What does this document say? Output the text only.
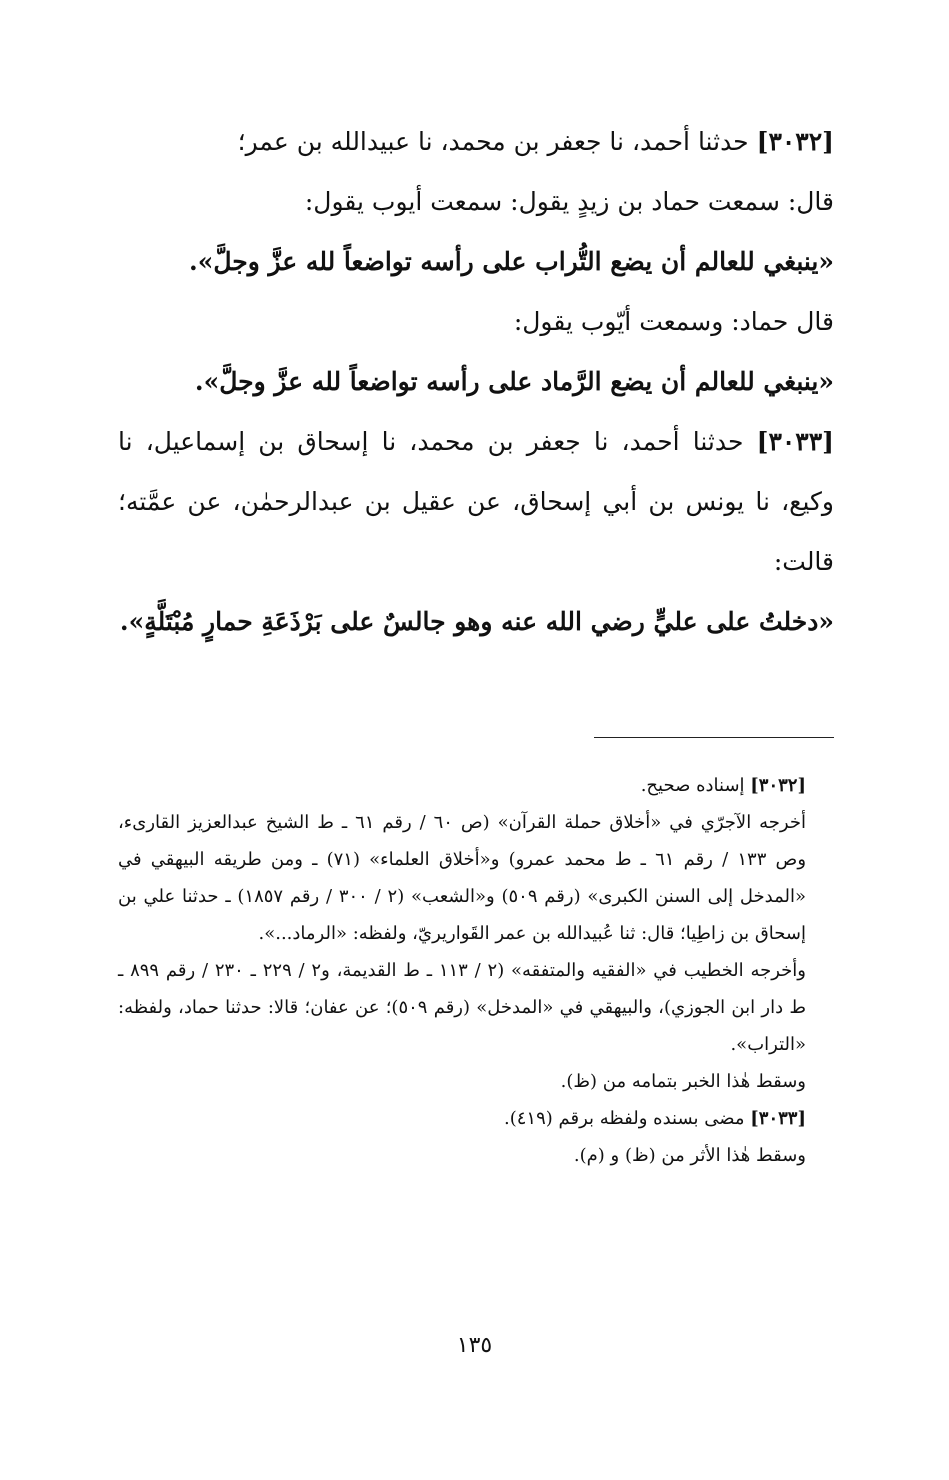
[٣٠٣٢] حدثنا أحمد، نا جعفر بن محمد، نا عبيدالله بن عمر؛

قال: سمعت حماد بن زيدٍ يقول: سمعت أيوب يقول:

«ينبغي للعالم أن يضع التُّراب على رأسه تواضعاً لله عزَّ وجلَّ».

قال حماد: وسمعت أيّوب يقول:

«ينبغي للعالم أن يضع الرَّماد على رأسه تواضعاً لله عزَّ وجلَّ».

[٣٠٣٣] حدثنا أحمد، نا جعفر بن محمد، نا إسحاق بن إسماعيل، نا وكيع، نا يونس بن أبي إسحاق، عن عقيل بن عبدالرحمٰن، عن عمَّته؛ قالت:

«دخلتُ على عليٍّ رضي الله عنه وهو جالسٌ على بَرْذَعَةِ حمارٍ مُبْتَلَّةٍ».

[٣٠٣٢] إسناده صحيح.

أخرجه الآجرّي في «أخلاق حملة القرآن» (ص ٦٠ / رقم ٦١ ـ ط الشيخ عبدالعزيز القارىء، وص ١٣٣ / رقم ٦١ ـ ط محمد عمرو) و«أخلاق العلماء» (٧١) ـ ومن طريقه البيهقي في «المدخل إلى السنن الكبرى» (رقم ٥٠٩) و«الشعب» (٢ / ٣٠٠ / رقم ١٨٥٧) ـ حدثنا علي بن إسحاق بن زاطِيا؛ قال: ثنا عُبيدالله بن عمر القَواريريّ، ولفظه: «الرماد...».

وأخرجه الخطيب في «الفقيه والمتفقه» (٢ / ١١٣ ـ ط القديمة، و٢ / ٢٢٩ ـ ٢٣٠ / رقم ٨٩٩ ـ ط دار ابن الجوزي)، والبيهقي في «المدخل» (رقم ٥٠٩)؛ عن عفان؛ قالا: حدثنا حماد، ولفظه: «التراب».

وسقط هٰذا الخبر بتمامه من (ظ).

[٣٠٣٣] مضى بسنده ولفظه برقم (٤١٩).

وسقط هٰذا الأثر من (ظ) و (م).

١٣٥
